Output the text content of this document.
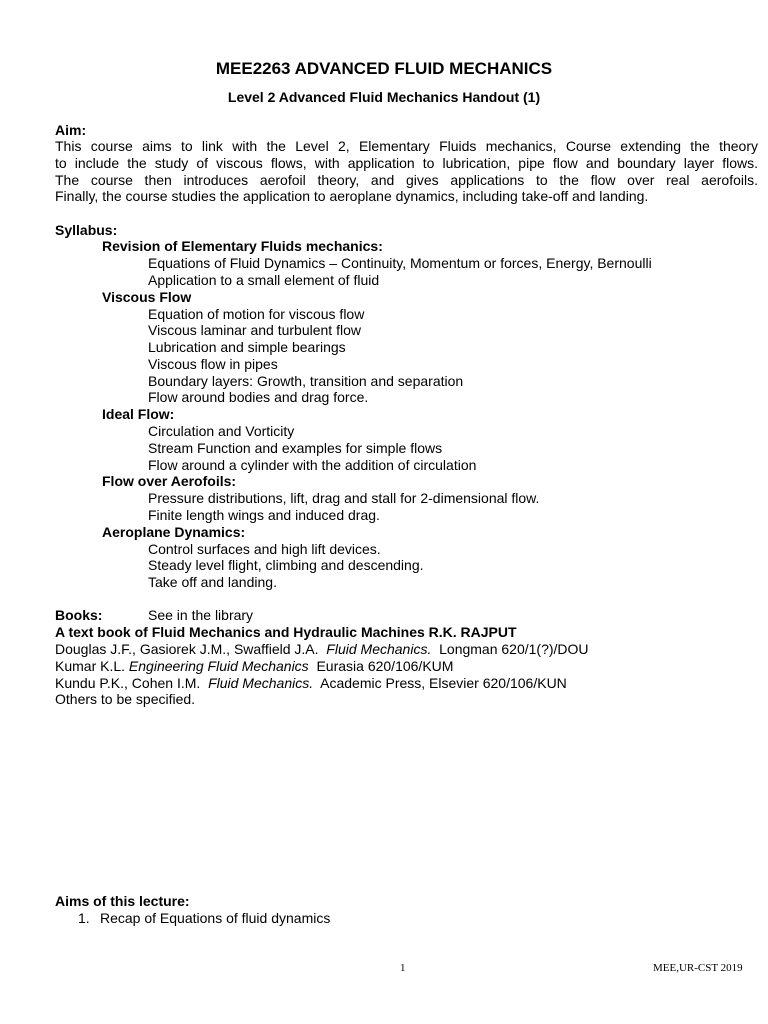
MEE2263 ADVANCED FLUID MECHANICS
Level 2 Advanced Fluid Mechanics Handout (1)
Aim:
This course aims to link with the Level 2, Elementary Fluids mechanics, Course extending the theory
to include the study of viscous flows, with application to lubrication, pipe flow and boundary layer flows.
The course then introduces aerofoil theory, and gives applications to the flow over real aerofoils.
Finally, the course studies the application to aeroplane dynamics, including take-off and landing.
Syllabus:
Revision of Elementary Fluids mechanics:
Equations of Fluid Dynamics – Continuity, Momentum or forces, Energy, Bernoulli
Application to a small element of fluid
Viscous Flow
Equation of motion for viscous flow
Viscous laminar and turbulent flow
Lubrication and simple bearings
Viscous flow in pipes
Boundary layers: Growth, transition and separation
Flow around bodies and drag force.
Ideal Flow:
Circulation and Vorticity
Stream Function and examples for simple flows
Flow around a cylinder with the addition of circulation
Flow over Aerofoils:
Pressure distributions, lift, drag and stall for 2-dimensional flow.
Finite length wings and induced drag.
Aeroplane Dynamics:
Control surfaces and high lift devices.
Steady level flight, climbing and descending.
Take off and landing.
Books:	See in the library
A text book of Fluid Mechanics and Hydraulic Machines R.K. RAJPUT
Douglas J.F., Gasiorek J.M., Swaffield J.A. Fluid Mechanics. Longman 620/1(?)/DOU
Kumar K.L. Engineering Fluid Mechanics Eurasia 620/106/KUM
Kundu P.K., Cohen I.M. Fluid Mechanics. Academic Press, Elsevier 620/106/KUN
Others to be specified.
Aims of this lecture:
1. Recap of Equations of fluid dynamics
1	MEE,UR-CST 2019
